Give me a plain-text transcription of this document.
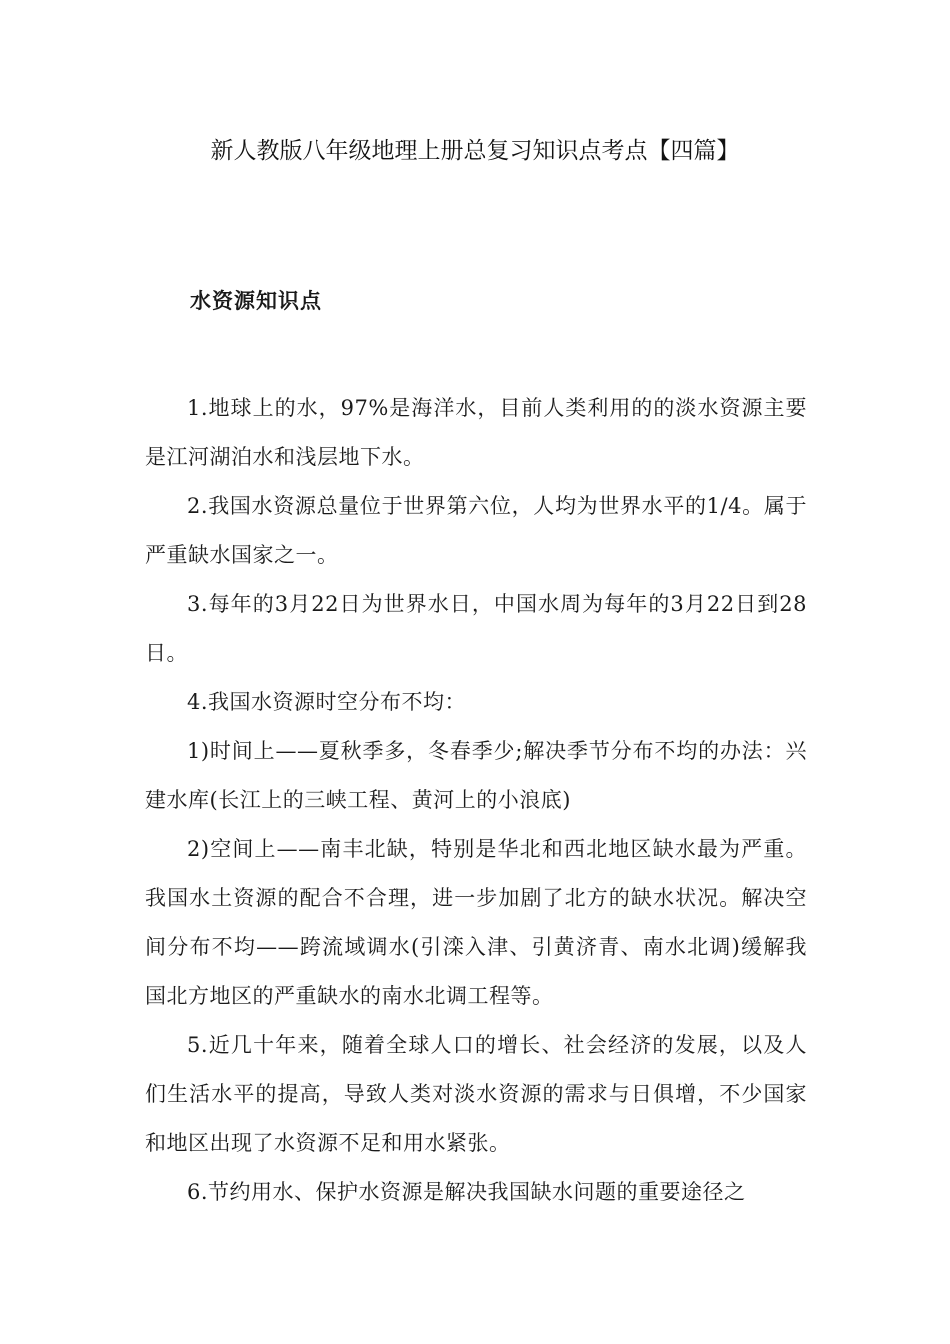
新人教版八年级地理上册总复习知识点考点【四篇】
水资源知识点

1.地球上的水，97%是海洋水，目前人类利用的的淡水资源主要是江河湖泊水和浅层地下水。

2.我国水资源总量位于世界第六位，人均为世界水平的1/4。属于严重缺水国家之一。

3.每年的3月22日为世界水日，中国水周为每年的3月22日到28日。

4.我国水资源时空分布不均：

1)时间上——夏秋季多，冬春季少;解决季节分布不均的办法：兴建水库(长江上的三峡工程、黄河上的小浪底)

2)空间上——南丰北缺，特别是华北和西北地区缺水最为严重。我国水土资源的配合不合理，进一步加剧了北方的缺水状况。解决空间分布不均——跨流域调水(引滦入津、引黄济青、南水北调)缓解我国北方地区的严重缺水的南水北调工程等。

5.近几十年来，随着全球人口的增长、社会经济的发展，以及人们生活水平的提高，导致人类对淡水资源的需求与日俱增，不少国家和地区出现了水资源不足和用水紧张。

6.节约用水、保护水资源是解决我国缺水问题的重要途径之
